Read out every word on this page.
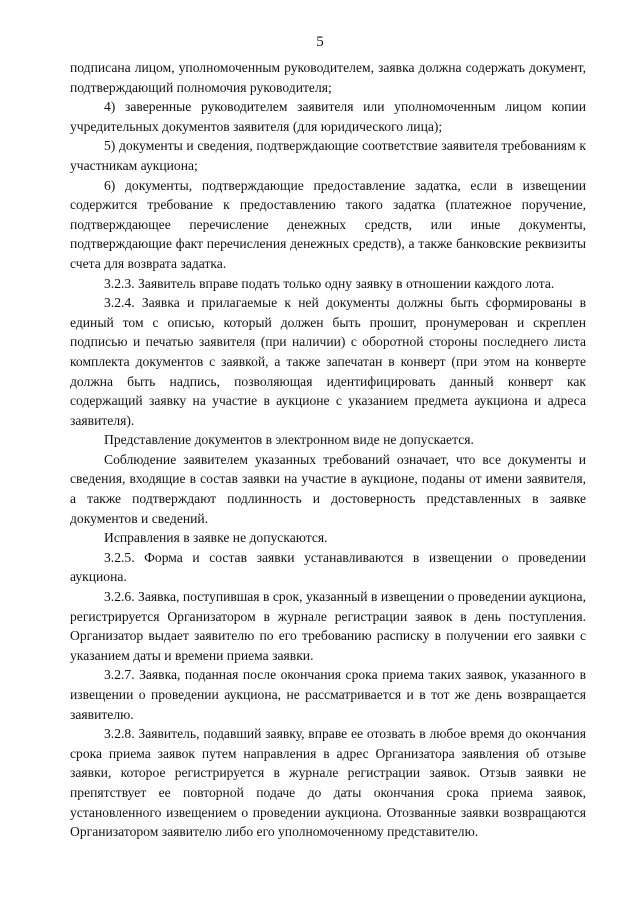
5

подписана лицом, уполномоченным руководителем, заявка должна содержать документ, подтверждающий полномочия руководителя;

4) заверенные руководителем заявителя или уполномоченным лицом копии учредительных документов заявителя (для юридического лица);

5) документы и сведения, подтверждающие соответствие заявителя требованиям к участникам аукциона;

6) документы, подтверждающие предоставление задатка, если в извещении содержится требование к предоставлению такого задатка (платежное поручение, подтверждающее перечисление денежных средств, или иные документы, подтверждающие факт перечисления денежных средств), а также банковские реквизиты счета для возврата задатка.

3.2.3. Заявитель вправе подать только одну заявку в отношении каждого лота.

3.2.4. Заявка и прилагаемые к ней документы должны быть сформированы в единый том с описью, который должен быть прошит, пронумерован и скреплен подписью и печатью заявителя (при наличии) с оборотной стороны последнего листа комплекта документов с заявкой, а также запечатан в конверт (при этом на конверте должна быть надпись, позволяющая идентифицировать данный конверт как содержащий заявку на участие в аукционе с указанием предмета аукциона и адреса заявителя).

Представление документов в электронном виде не допускается.

Соблюдение заявителем указанных требований означает, что все документы и сведения, входящие в состав заявки на участие в аукционе, поданы от имени заявителя, а также подтверждают подлинность и достоверность представленных в заявке документов и сведений.

Исправления в заявке не допускаются.

3.2.5. Форма и состав заявки устанавливаются в извещении о проведении аукциона.

3.2.6. Заявка, поступившая в срок, указанный в извещении о проведении аукциона, регистрируется Организатором в журнале регистрации заявок в день поступления. Организатор выдает заявителю по его требованию расписку в получении его заявки с указанием даты и времени приема заявки.

3.2.7. Заявка, поданная после окончания срока приема таких заявок, указанного в извещении о проведении аукциона, не рассматривается и в тот же день возвращается заявителю.

3.2.8. Заявитель, подавший заявку, вправе ее отозвать в любое время до окончания срока приема заявок путем направления в адрес Организатора заявления об отзыве заявки, которое регистрируется в журнале регистрации заявок. Отзыв заявки не препятствует ее повторной подаче до даты окончания срока приема заявок, установленного извещением о проведении аукциона. Отозванные заявки возвращаются Организатором заявителю либо его уполномоченному представителю.
